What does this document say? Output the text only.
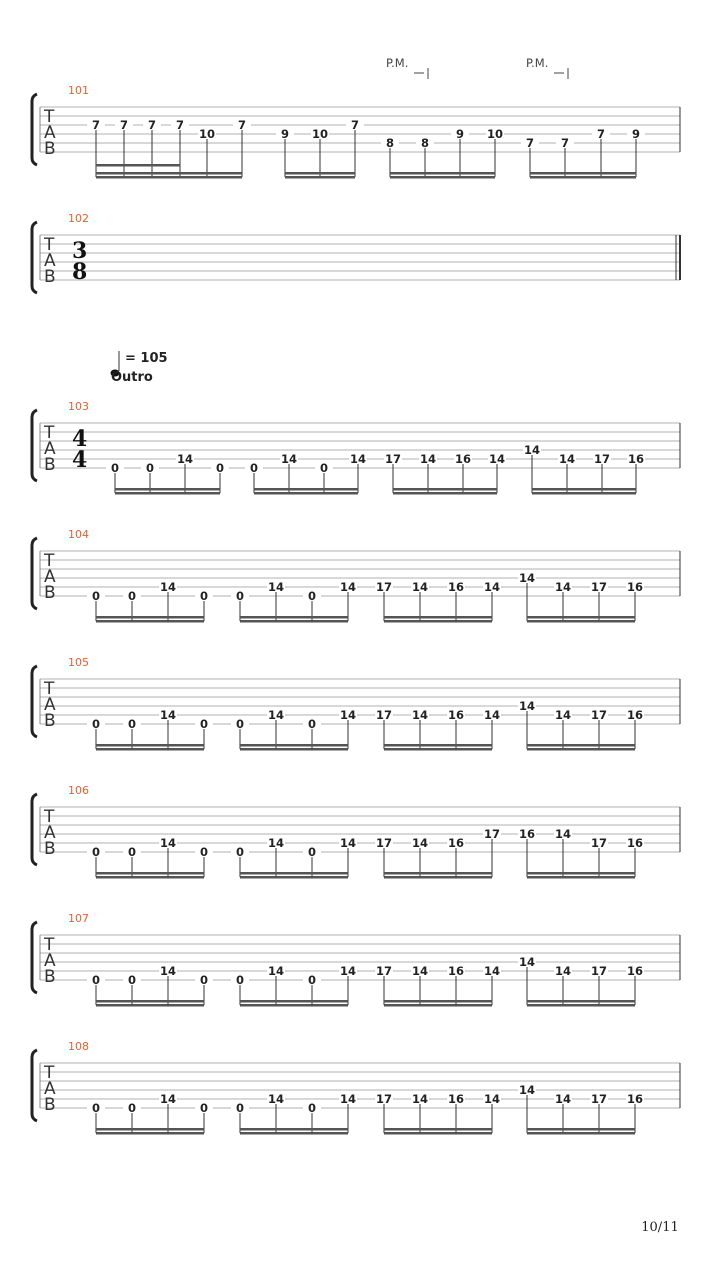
T
A
B
101
7 7 7 7
10
7
9 10
7
8 8
9 10
7 7
7 9
P.M.	P.M.
T
A
B
102
3
8
T
A
B
103
4
4 0 0
14
0 0
14
0
14 17 14 16 14
14
14 17 16
T
A
B
104
0 0
14
0 0
14
0
14 17 14 16 14
14
14 17 16
T
A
B
105
0 0
14
0 0
14
0
14 17 14 16 14
14
14 17 16
T
A
B
106
0 0
14
0 0
14
0
14 17 14 16
17 16 14
17 16
T
A
B
107
0 0
14
0 0
14
0
14 17 14 16 14
14
14 17 16
T
A
B
108
0 0
14
0 0
14
0
14 17 14 16 14
14
14 17 16
= 105
Outro
10/11
